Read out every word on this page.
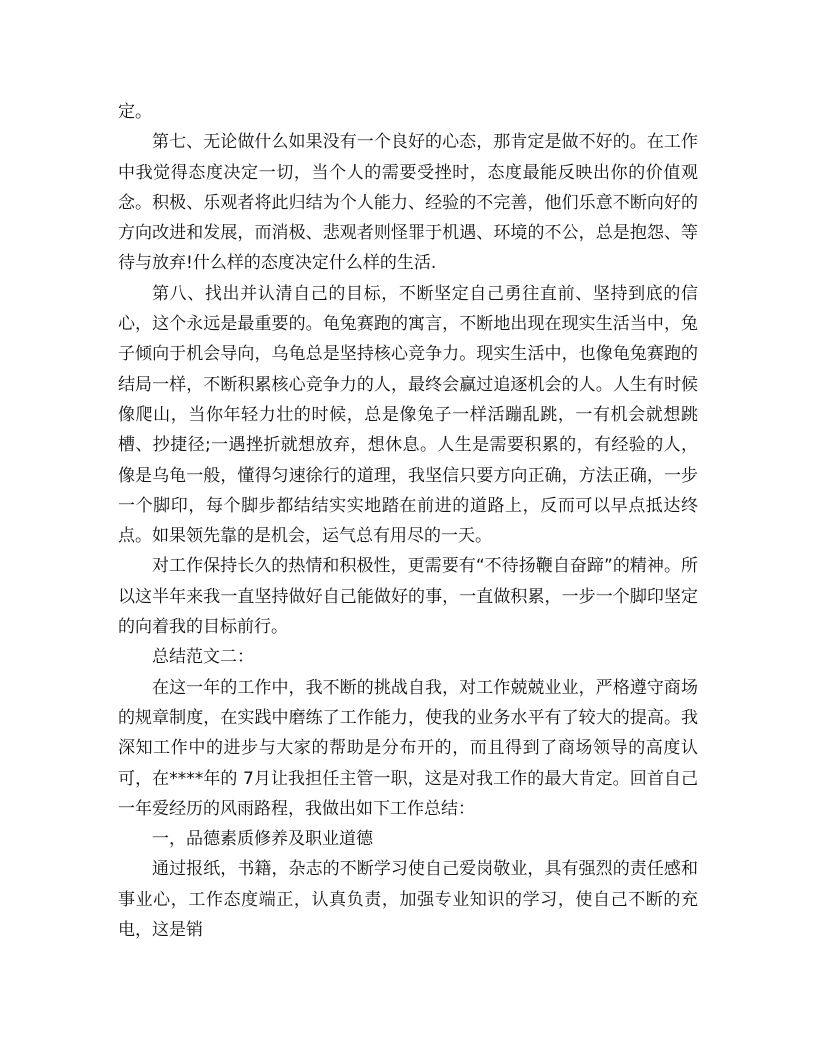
定。

第七、无论做什么如果没有一个良好的心态，那肯定是做不好的。在工作中我觉得态度决定一切，当个人的需要受挫时，态度最能反映出你的价值观念。积极、乐观者将此归结为个人能力、经验的不完善，他们乐意不断向好的方向改进和发展，而消极、悲观者则怪罪于机遇、环境的不公，总是抱怨、等待与放弃!什么样的态度决定什么样的生活.

第八、找出并认清自己的目标，不断坚定自己勇往直前、坚持到底的信心，这个永远是最重要的。龟兔赛跑的寓言，不断地出现在现实生活当中，兔子倾向于机会导向，乌龟总是坚持核心竞争力。现实生活中，也像龟兔赛跑的结局一样，不断积累核心竞争力的人，最终会赢过追逐机会的人。人生有时候像爬山，当你年轻力壮的时候，总是像兔子一样活蹦乱跳，一有机会就想跳槽、抄捷径;一遇挫折就想放弃，想休息。人生是需要积累的，有经验的人，像是乌龟一般，懂得匀速徐行的道理，我坚信只要方向正确，方法正确，一步一个脚印，每个脚步都结结实实地踏在前进的道路上，反而可以早点抵达终点。如果领先靠的是机会，运气总有用尽的一天。

对工作保持长久的热情和积极性，更需要有“不待扬鞭自奋蹄”的精神。所以这半年来我一直坚持做好自己能做好的事，一直做积累，一步一个脚印坚定的向着我的目标前行。

总结范文二：

在这一年的工作中，我不断的挑战自我，对工作兢兢业业，严格遵守商场的规章制度，在实践中磨练了工作能力，使我的业务水平有了较大的提高。我深知工作中的进步与大家的帮助是分布开的，而且得到了商场领导的高度认可，在****年的 7月让我担任主管一职，这是对我工作的最大肯定。回首自己一年爱经历的风雨路程，我做出如下工作总结：

一，品德素质修养及职业道德

通过报纸，书籍，杂志的不断学习使自己爱岗敬业，具有强烈的责任感和事业心，工作态度端正，认真负责，加强专业知识的学习，使自己不断的充电，这是销
